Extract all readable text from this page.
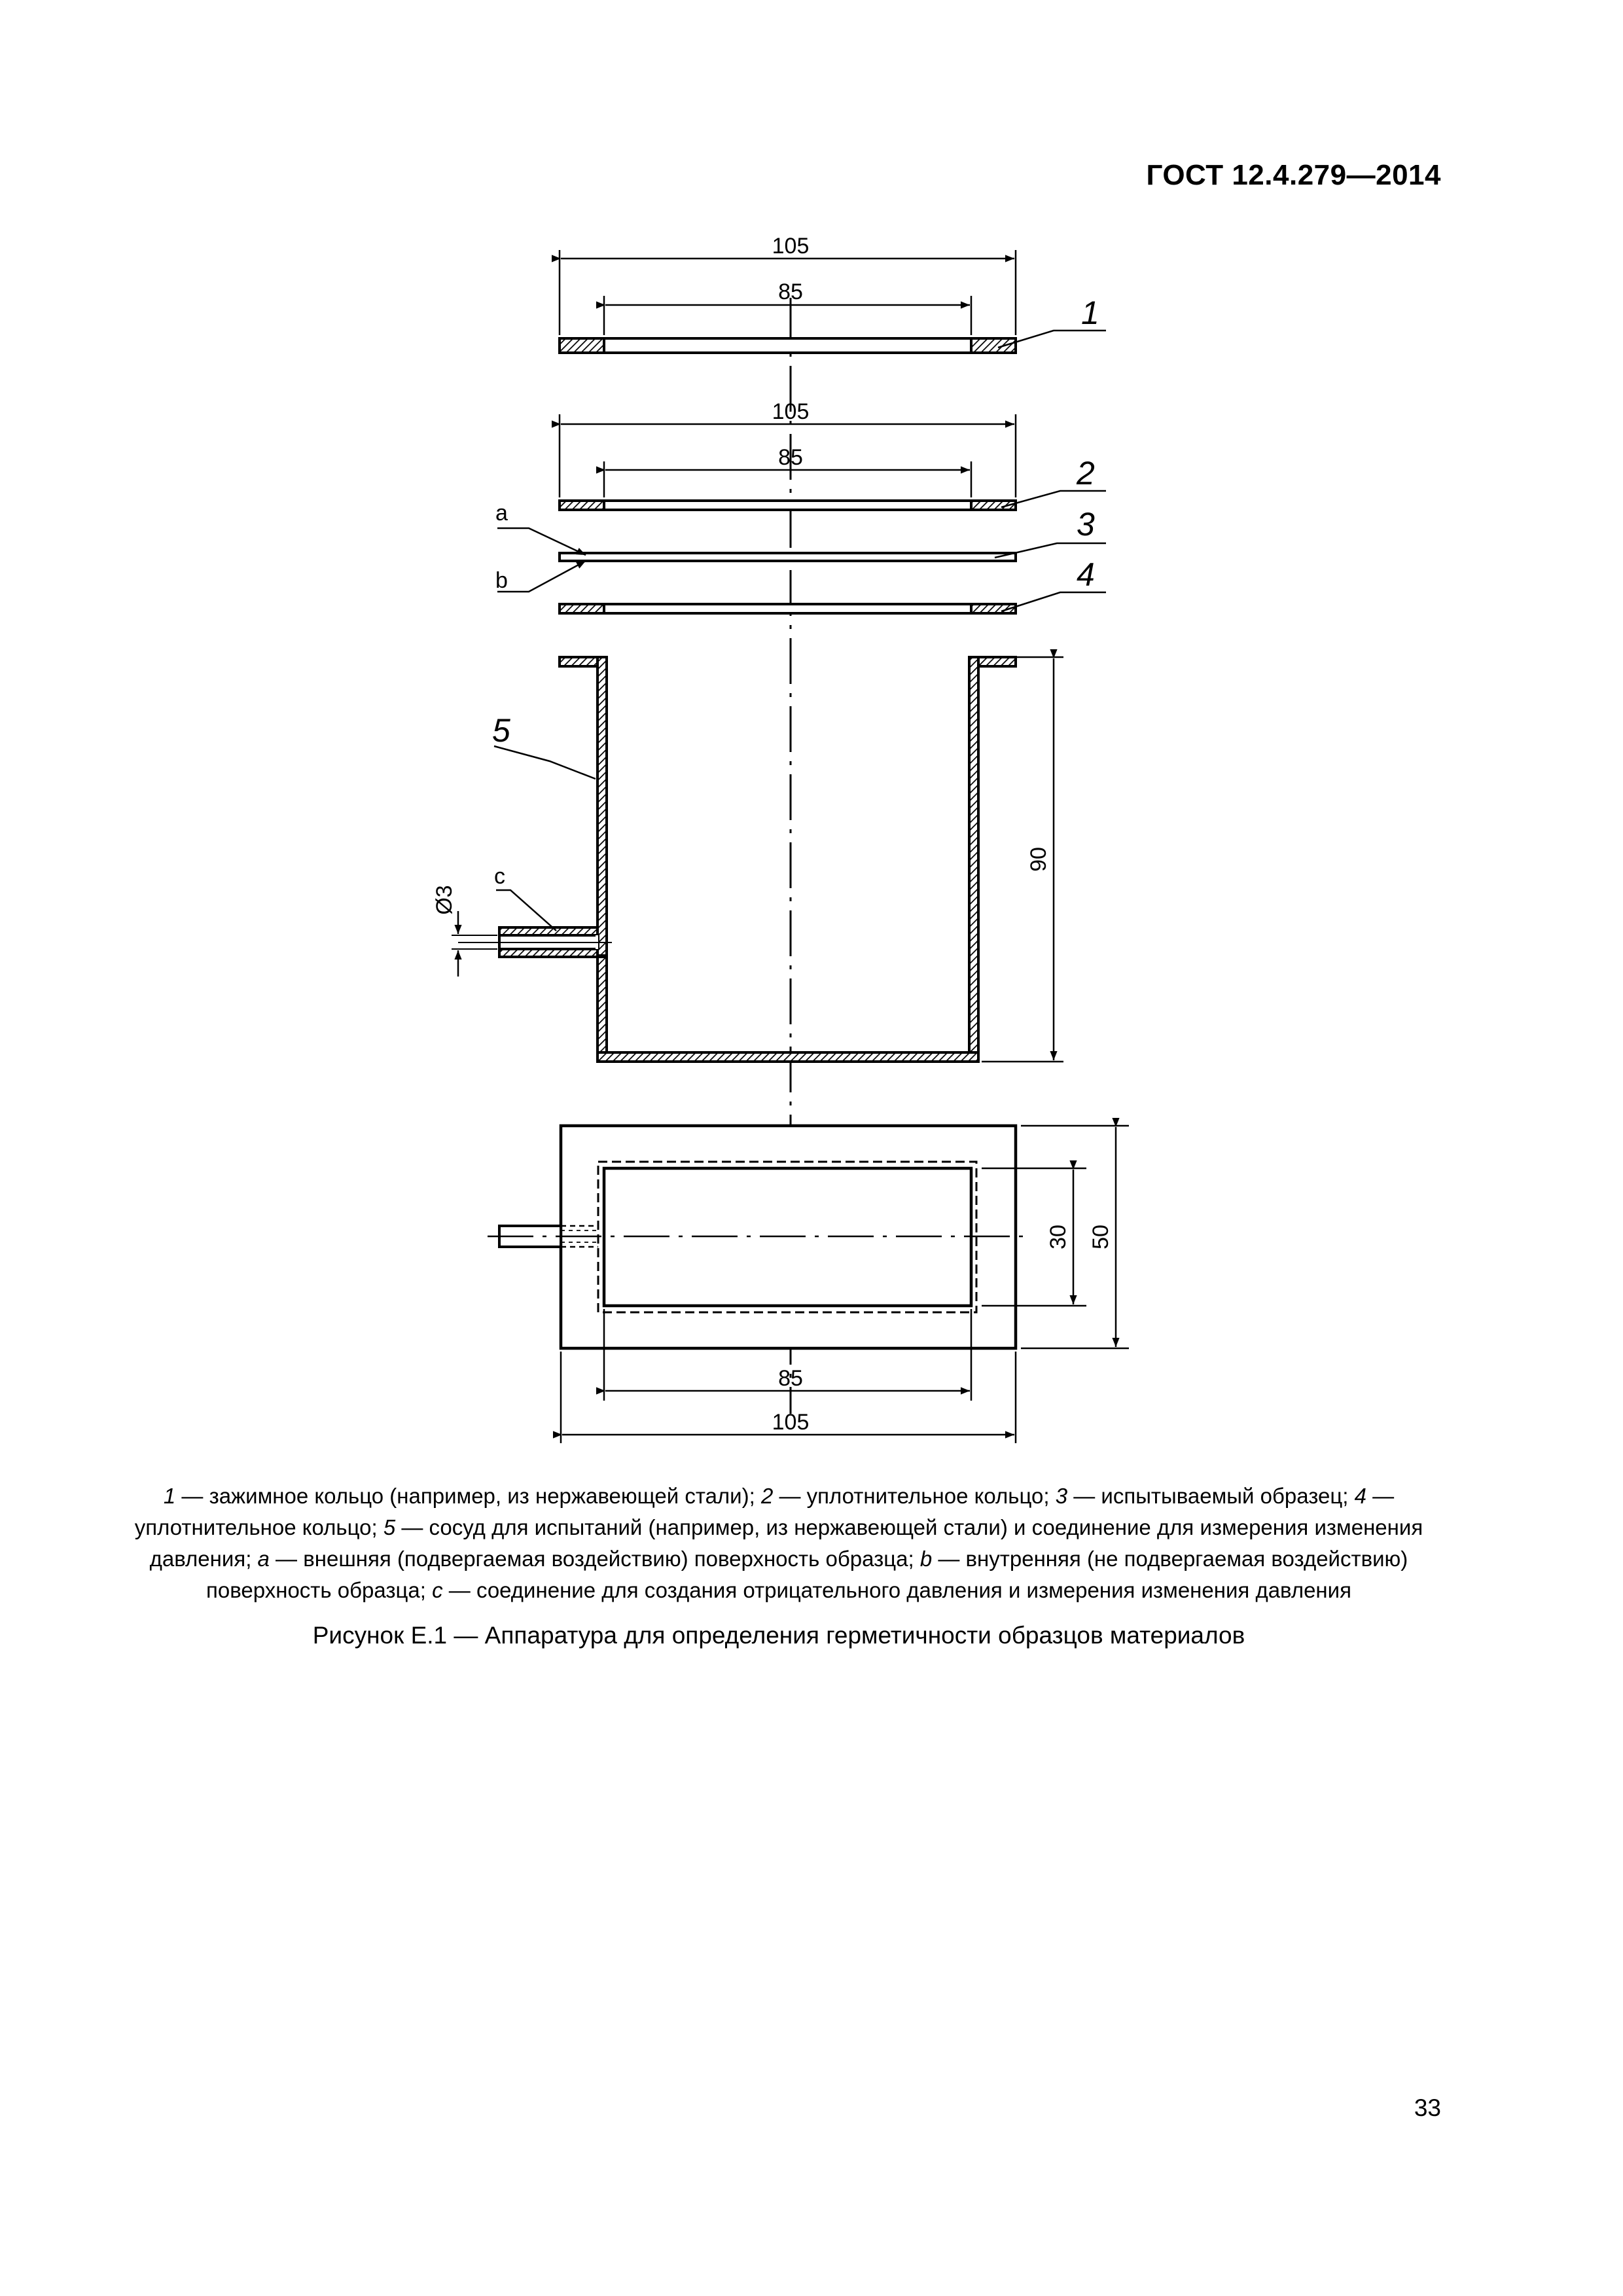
ГОСТ 12.4.279—2014
105
85
105
85
90
Ø3
30 50
85
105
1
2
3
4
5
a
b
c
1 — зажимное кольцо (например, из нержавеющей стали); 2 — уплотнительное кольцо; 3 — испытываемый образец; 4 — уплотнительное кольцо; 5 — сосуд для испытаний (например, из нержавеющей стали) и соединение для измерения изменения давления; a — внешняя (подвергаемая воздействию) поверхность образца; b — внутренняя (не подвергаемая воздействию) поверхность образца; c — соединение для создания отрицательного давления и измерения изменения давления
Рисунок Е.1 — Аппаратура для определения герметичности образцов материалов
33
